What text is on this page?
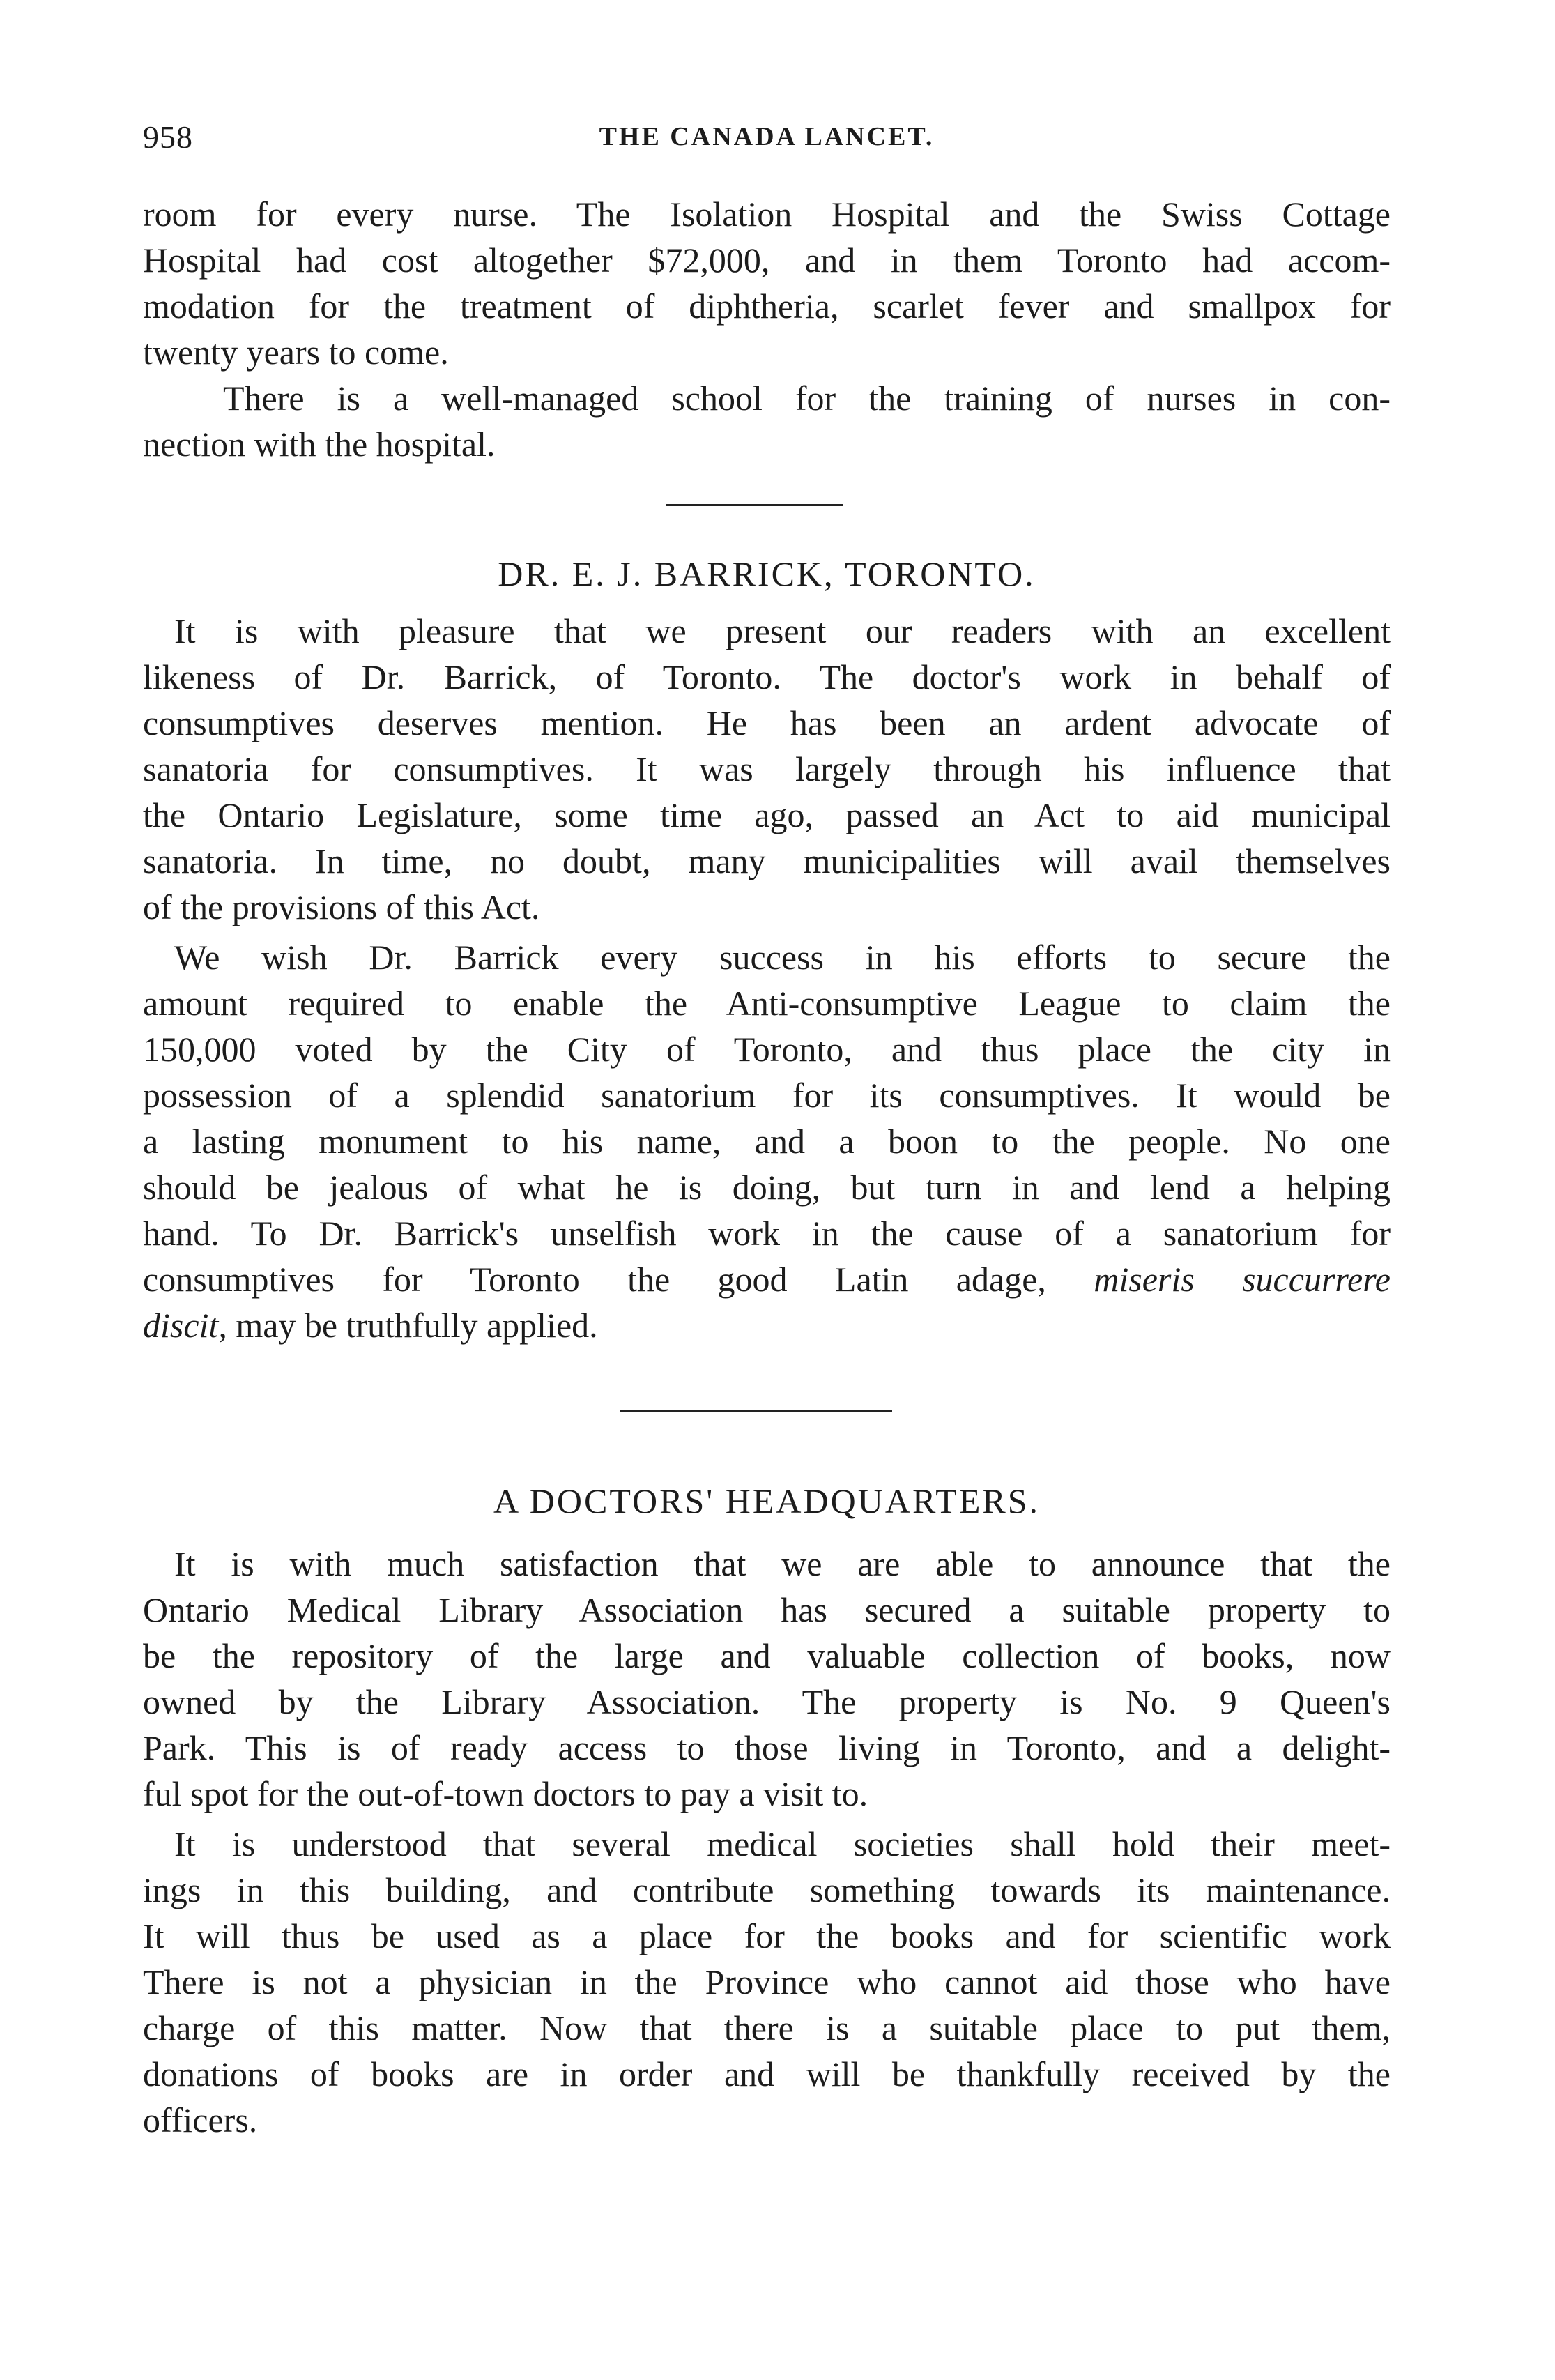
958	THE CANADA LANCET.
room for every nurse. The Isolation Hospital and the Swiss Cottage
Hospital had cost altogether $72,000, and in them Toronto had accom-
modation for the treatment of diphtheria, scarlet fever and smallpox for
twenty years to come.
There is a well-managed school for the training of nurses in con-
nection with the hospital.
DR. E. J. BARRICK, TORONTO.
It is with pleasure that we present our readers with an excellent
likeness of Dr. Barrick, of Toronto. The doctor's work in behalf of
consumptives deserves mention. He has been an ardent advocate of
sanatoria for consumptives. It was largely through his influence that
the Ontario Legislature, some time ago, passed an Act to aid municipal
sanatoria. In time, no doubt, many municipalities will avail themselves
of the provisions of this Act.
We wish Dr. Barrick every success in his efforts to secure the
amount required to enable the Anti-consumptive League to claim the
150,000 voted by the City of Toronto, and thus place the city in
possession of a splendid sanatorium for its consumptives. It would be
a lasting monument to his name, and a boon to the people. No one
should be jealous of what he is doing, but turn in and lend a helping
hand. To Dr. Barrick's unselfish work in the cause of a sanatorium for
consumptives for Toronto the good Latin adage, miseris succurrere
discit, may be truthfully applied.
A DOCTORS' HEADQUARTERS.
It is with much satisfaction that we are able to announce that the
Ontario Medical Library Association has secured a suitable property to
be the repository of the large and valuable collection of books, now
owned by the Library Association. The property is No. 9 Queen's
Park. This is of ready access to those living in Toronto, and a delight-
ful spot for the out-of-town doctors to pay a visit to.
It is understood that several medical societies shall hold their meet-
ings in this building, and contribute something towards its maintenance.
It will thus be used as a place for the books and for scientific work
There is not a physician in the Province who cannot aid those who have
charge of this matter. Now that there is a suitable place to put them,
donations of books are in order and will be thankfully received by the
officers.
